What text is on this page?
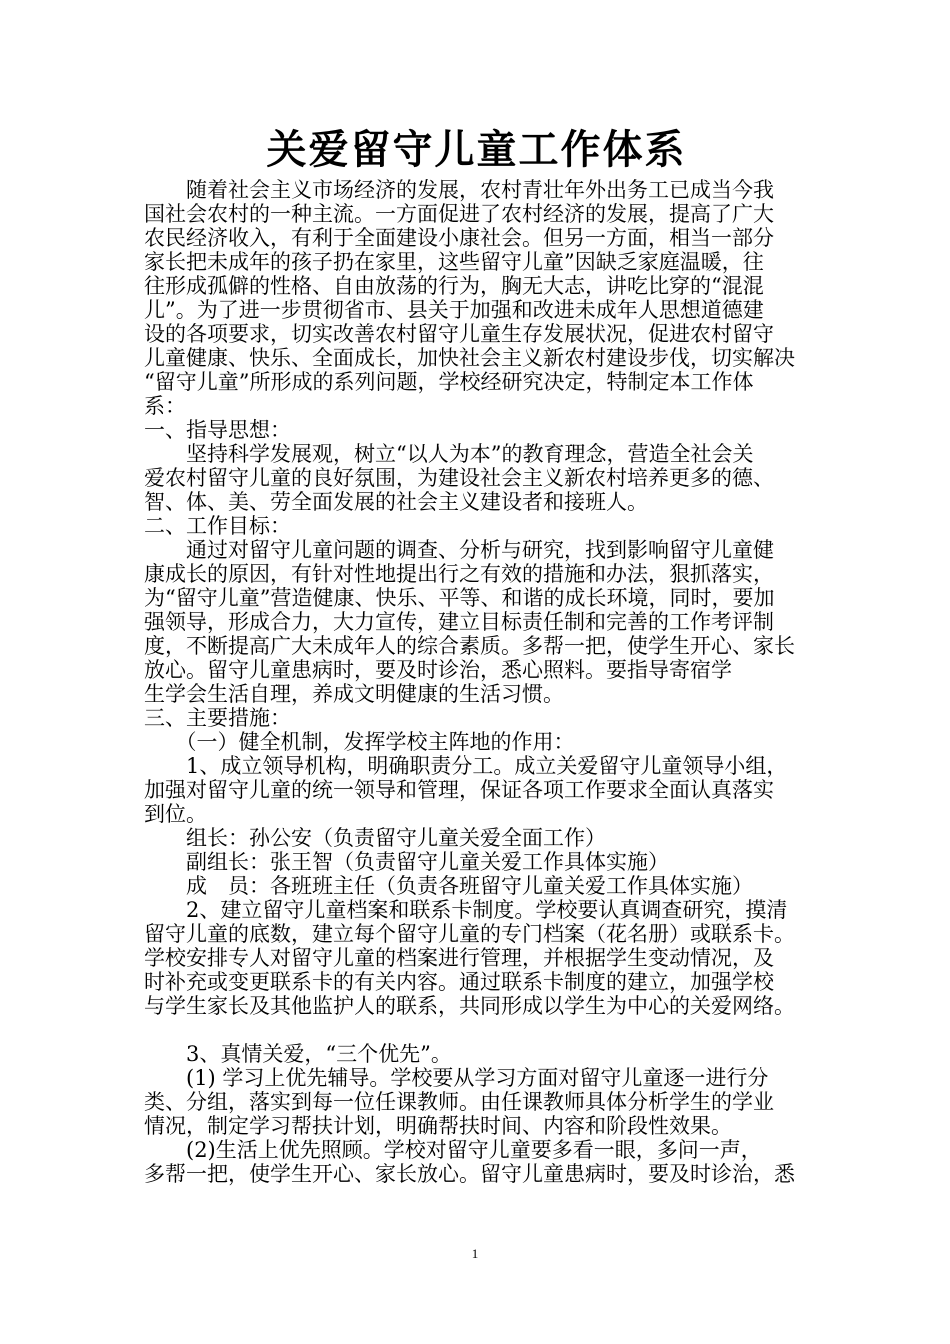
关爱留守儿童工作体系
　　随着社会主义市场经济的发展，农村青壮年外出务工已成当今我
国社会农村的一种主流。一方面促进了农村经济的发展，提高了广大
农民经济收入，有利于全面建设小康社会。但另一方面，相当一部分
家长把未成年的孩子扔在家里，这些留守儿童”因缺乏家庭温暖，往
往形成孤僻的性格、自由放荡的行为，胸无大志，讲吃比穿的“混混
儿”。为了进一步贯彻省市、县关于加强和改进未成年人思想道德建
设的各项要求，切实改善农村留守儿童生存发展状况，促进农村留守
儿童健康、快乐、全面成长，加快社会主义新农村建设步伐，切实解决
“留守儿童”所形成的系列问题，学校经研究决定，特制定本工作体
系：
一、指导思想：
　　坚持科学发展观，树立“以人为本”的教育理念，营造全社会关
爱农村留守儿童的良好氛围，为建设社会主义新农村培养更多的德、
智、体、美、劳全面发展的社会主义建设者和接班人。
二、工作目标：
　　通过对留守儿童问题的调查、分析与研究，找到影响留守儿童健
康成长的原因，有针对性地提出行之有效的措施和办法，狠抓落实，
为“留守儿童”营造健康、快乐、平等、和谐的成长环境，同时，要加
强领导，形成合力，大力宣传，建立目标责任制和完善的工作考评制
度，不断提高广大未成年人的综合素质。多帮一把，使学生开心、家长
放心。留守儿童患病时，要及时诊治，悉心照料。要指导寄宿学
生学会生活自理，养成文明健康的生活习惯。
三、主要措施：
　　（一）健全机制，发挥学校主阵地的作用：
　　1、成立领导机构，明确职责分工。成立关爱留守儿童领导小组，
加强对留守儿童的统一领导和管理，保证各项工作要求全面认真落实
到位。
　　组长：孙公安（负责留守儿童关爱全面工作）
　　副组长：张王智（负责留守儿童关爱工作具体实施）
　　成　员：各班班主任（负责各班留守儿童关爱工作具体实施）
　　2、建立留守儿童档案和联系卡制度。学校要认真调查研究，摸清
留守儿童的底数，建立每个留守儿童的专门档案（花名册）或联系卡。
学校安排专人对留守儿童的档案进行管理，并根据学生变动情况，及
时补充或变更联系卡的有关内容。通过联系卡制度的建立，加强学校
与学生家长及其他监护人的联系，共同形成以学生为中心的关爱网络。
　　3、真情关爱，“三个优先”。
　　(1) 学习上优先辅导。学校要从学习方面对留守儿童逐一进行分
类、分组，落实到每一位任课教师。由任课教师具体分析学生的学业
情况，制定学习帮扶计划，明确帮扶时间、内容和阶段性效果。
　　(2)生活上优先照顾。学校对留守儿童要多看一眼，多问一声，
多帮一把，使学生开心、家长放心。留守儿童患病时，要及时诊治，悉
1
